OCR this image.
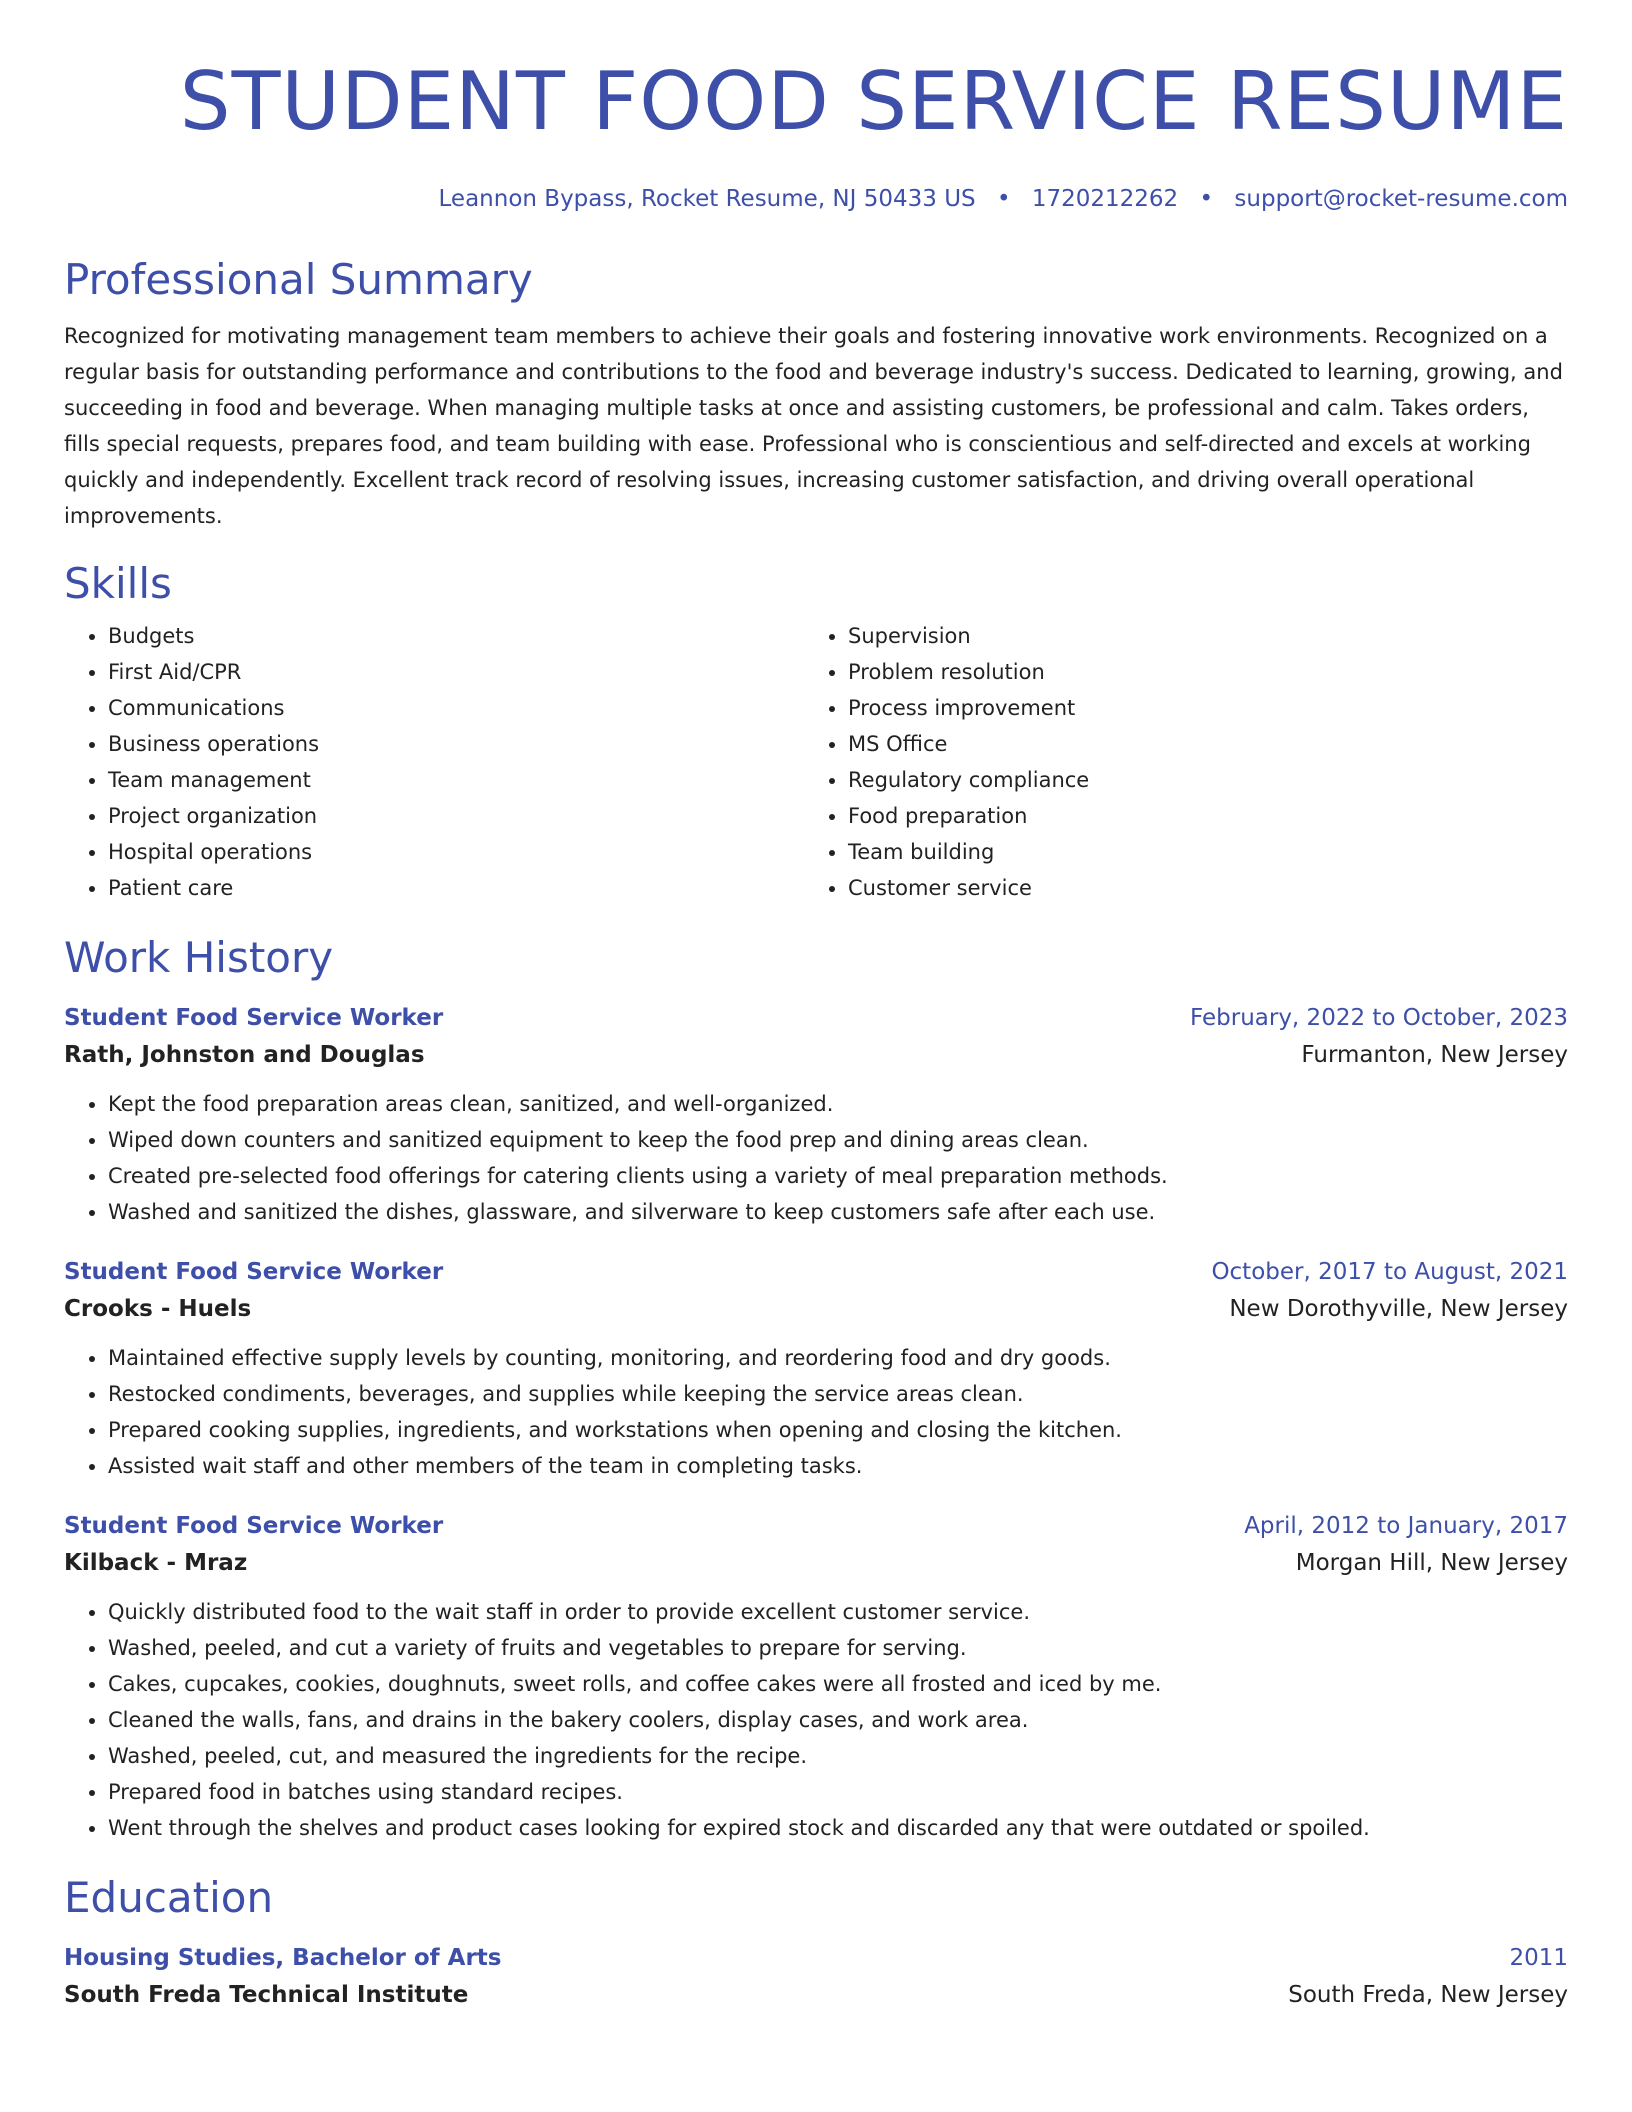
STUDENT FOOD SERVICE RESUME
Leannon Bypass, Rocket Resume, NJ 50433 US • 1720212262 • support@rocket-resume.com
Professional Summary
Recognized for motivating management team members to achieve their goals and fostering innovative work environments. Recognized on a regular basis for outstanding performance and contributions to the food and beverage industry's success. Dedicated to learning, growing, and succeeding in food and beverage. When managing multiple tasks at once and assisting customers, be professional and calm. Takes orders, fills special requests, prepares food, and team building with ease. Professional who is conscientious and self-directed and excels at working quickly and independently. Excellent track record of resolving issues, increasing customer satisfaction, and driving overall operational improvements.
Skills
• Budgets
• First Aid/CPR
• Communications
• Business operations
• Team management
• Project organization
• Hospital operations
• Patient care
• Supervision
• Problem resolution
• Process improvement
• MS Office
• Regulatory compliance
• Food preparation
• Team building
• Customer service
Work History
Student Food Service Worker	February, 2022 to October, 2023
Rath, Johnston and Douglas	Furmanton, New Jersey
• Kept the food preparation areas clean, sanitized, and well-organized.
• Wiped down counters and sanitized equipment to keep the food prep and dining areas clean.
• Created pre-selected food offerings for catering clients using a variety of meal preparation methods.
• Washed and sanitized the dishes, glassware, and silverware to keep customers safe after each use.
Student Food Service Worker	October, 2017 to August, 2021
Crooks - Huels	New Dorothyville, New Jersey
• Maintained effective supply levels by counting, monitoring, and reordering food and dry goods.
• Restocked condiments, beverages, and supplies while keeping the service areas clean.
• Prepared cooking supplies, ingredients, and workstations when opening and closing the kitchen.
• Assisted wait staff and other members of the team in completing tasks.
Student Food Service Worker	April, 2012 to January, 2017
Kilback - Mraz	Morgan Hill, New Jersey
• Quickly distributed food to the wait staff in order to provide excellent customer service.
• Washed, peeled, and cut a variety of fruits and vegetables to prepare for serving.
• Cakes, cupcakes, cookies, doughnuts, sweet rolls, and coffee cakes were all frosted and iced by me.
• Cleaned the walls, fans, and drains in the bakery coolers, display cases, and work area.
• Washed, peeled, cut, and measured the ingredients for the recipe.
• Prepared food in batches using standard recipes.
• Went through the shelves and product cases looking for expired stock and discarded any that were outdated or spoiled.
Education
Housing Studies, Bachelor of Arts	2011
South Freda Technical Institute	South Freda, New Jersey
